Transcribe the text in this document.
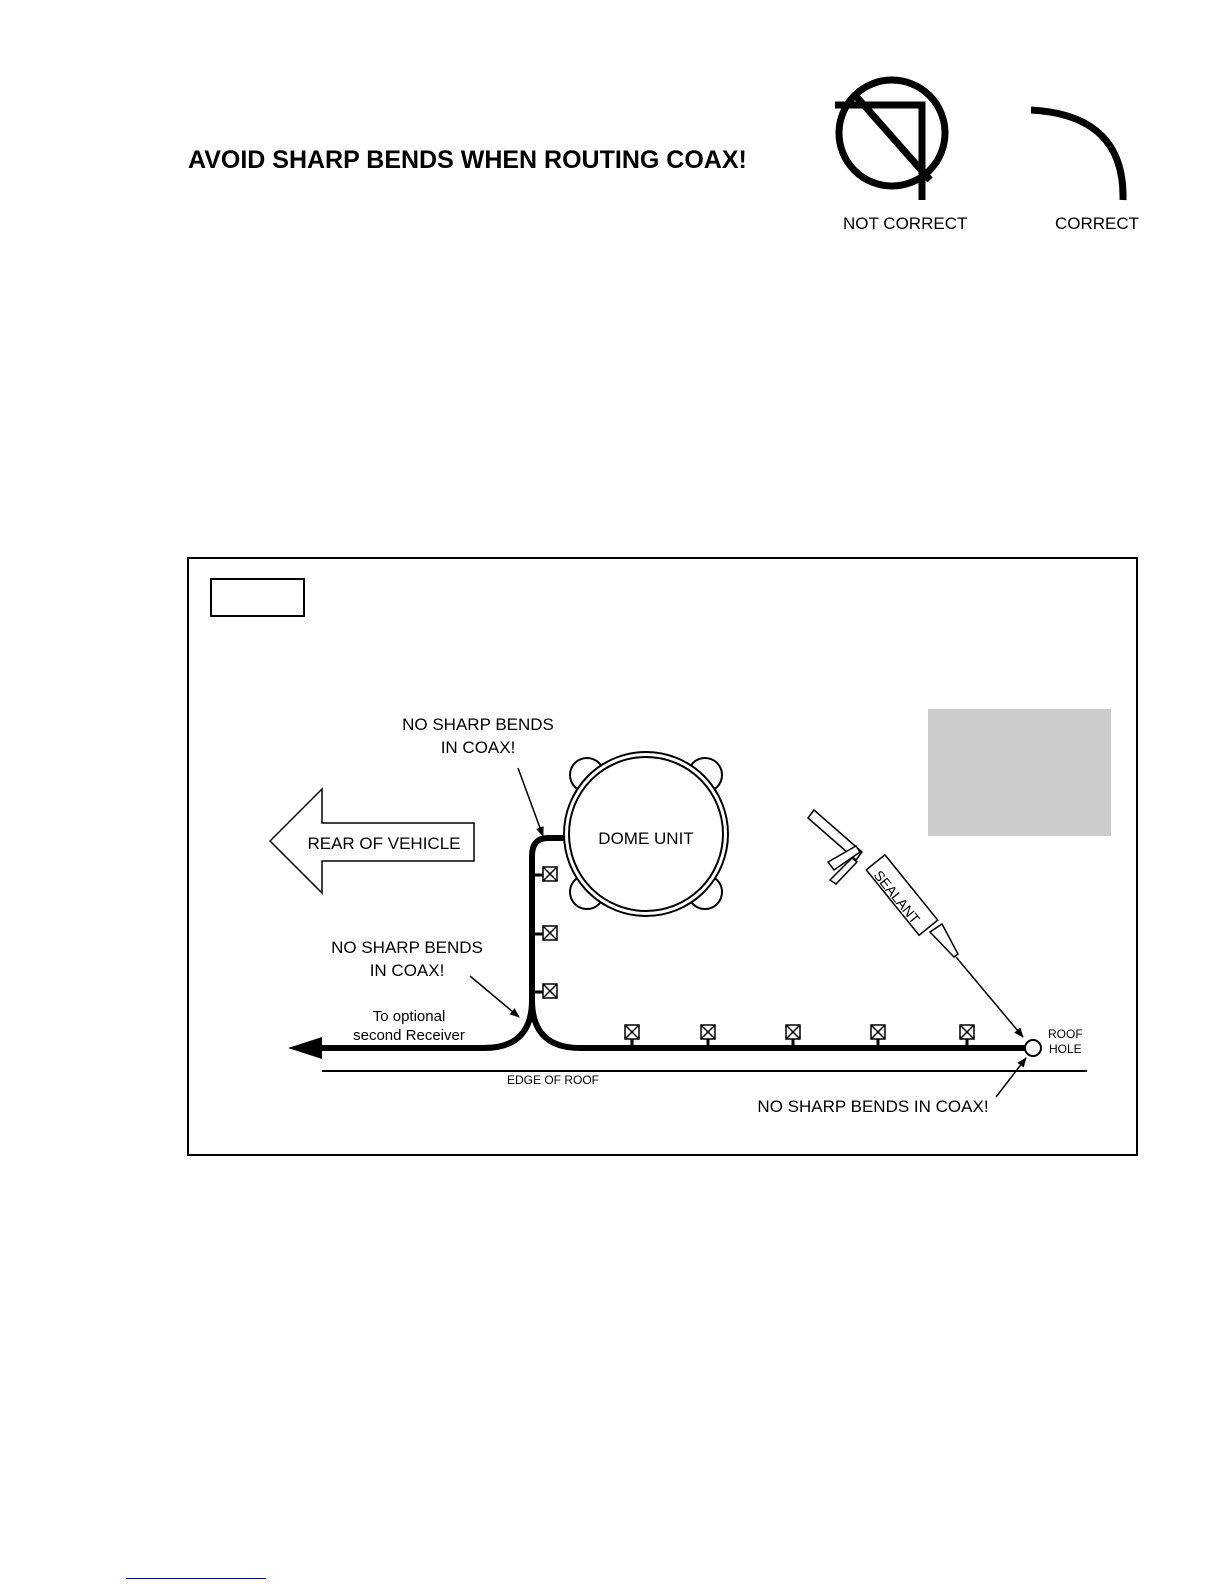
AVOID SHARP BENDS WHEN ROUTING COAX!
NOT CORRECT	CORRECT
EDGE OF ROOF
REAR OF VEHICLE	DOME UNIT
ROOF
HOLE
SEALANT
NO SHARP BENDS
IN COAX!
NO SHARP BENDS
IN COAX!
To optional
second Receiver
NO SHARP BENDS IN COAX!
